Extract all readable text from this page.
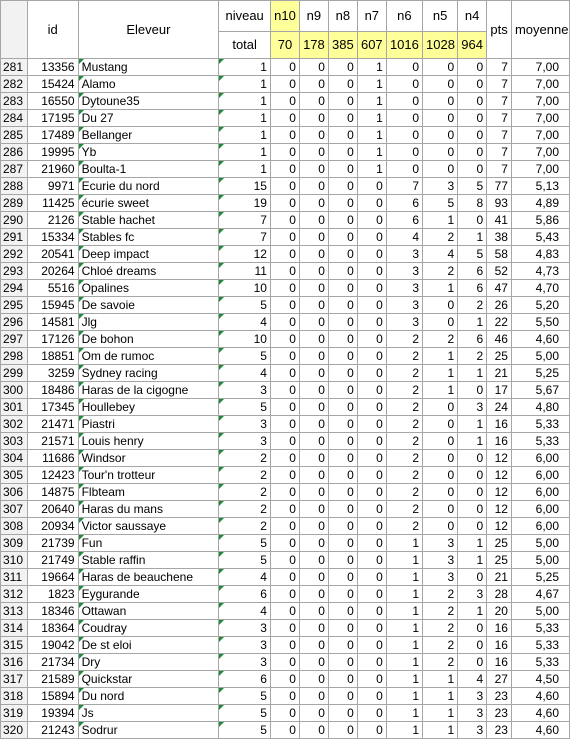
	id	Eleveur	niveau	n10	n9	n8	n7	n6	n5	n4	pts	moyenne
			total	70	178	385	607	1016	1028	964		
281	13356	Mustang	1	0	0	0	1	0	0	0	7	7,00
282	15424	Alamo	1	0	0	0	1	0	0	0	7	7,00
283	16550	Dytoune35	1	0	0	0	1	0	0	0	7	7,00
284	17195	Du 27	1	0	0	0	1	0	0	0	7	7,00
285	17489	Bellanger	1	0	0	0	1	0	0	0	7	7,00
286	19995	Yb	1	0	0	0	1	0	0	0	7	7,00
287	21960	Boulta-1	1	0	0	0	1	0	0	0	7	7,00
288	9971	Ecurie du nord	15	0	0	0	0	7	3	5	77	5,13
289	11425	écurie sweet	19	0	0	0	0	6	5	8	93	4,89
290	2126	Stable hachet	7	0	0	0	0	6	1	0	41	5,86
291	15334	Stables fc	7	0	0	0	0	4	2	1	38	5,43
292	20541	Deep impact	12	0	0	0	0	3	4	5	58	4,83
293	20264	Chloé dreams	11	0	0	0	0	3	2	6	52	4,73
294	5516	Opalines	10	0	0	0	0	3	1	6	47	4,70
295	15945	De savoie	5	0	0	0	0	3	0	2	26	5,20
296	14581	Jlg	4	0	0	0	0	3	0	1	22	5,50
297	17126	De bohon	10	0	0	0	0	2	2	6	46	4,60
298	18851	Om de rumoc	5	0	0	0	0	2	1	2	25	5,00
299	3259	Sydney racing	4	0	0	0	0	2	1	1	21	5,25
300	18486	Haras de la cigogne	3	0	0	0	0	2	1	0	17	5,67
301	17345	Houllebey	5	0	0	0	0	2	0	3	24	4,80
302	21471	Piastri	3	0	0	0	0	2	0	1	16	5,33
303	21571	Louis henry	3	0	0	0	0	2	0	1	16	5,33
304	11686	Windsor	2	0	0	0	0	2	0	0	12	6,00
305	12423	Tour'n trotteur	2	0	0	0	0	2	0	0	12	6,00
306	14875	Flbteam	2	0	0	0	0	2	0	0	12	6,00
307	20640	Haras du mans	2	0	0	0	0	2	0	0	12	6,00
308	20934	Victor saussaye	2	0	0	0	0	2	0	0	12	6,00
309	21739	Fun	5	0	0	0	0	1	3	1	25	5,00
310	21749	Stable raffin	5	0	0	0	0	1	3	1	25	5,00
311	19664	Haras de beauchene	4	0	0	0	0	1	3	0	21	5,25
312	1823	Eygurande	6	0	0	0	0	1	2	3	28	4,67
313	18346	Ottawan	4	0	0	0	0	1	2	1	20	5,00
314	18364	Coudray	3	0	0	0	0	1	2	0	16	5,33
315	19042	De st eloi	3	0	0	0	0	1	2	0	16	5,33
316	21734	Dry	3	0	0	0	0	1	2	0	16	5,33
317	21589	Quickstar	6	0	0	0	0	1	1	4	27	4,50
318	15894	Du nord	5	0	0	0	0	1	1	3	23	4,60
319	19394	Js	5	0	0	0	0	1	1	3	23	4,60
320	21243	Sodrur	5	0	0	0	0	1	1	3	23	4,60
